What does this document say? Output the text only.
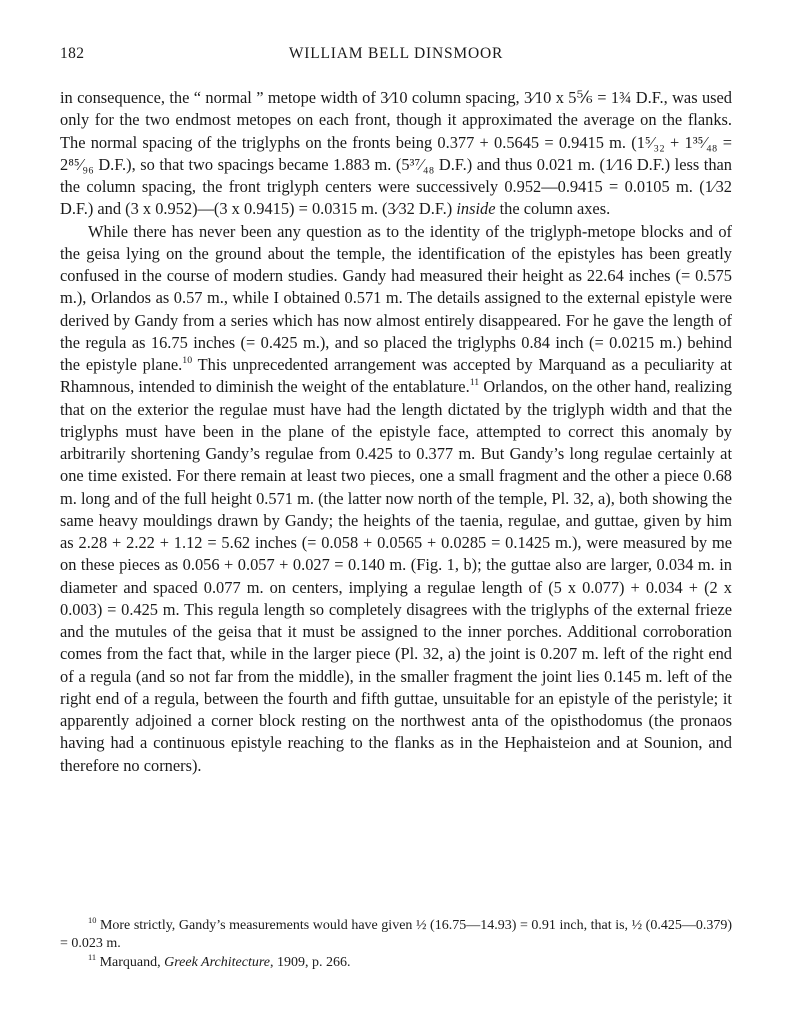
182	WILLIAM BELL DINSMOOR

in consequence, the “ normal ” metope width of 3⁄10 column spacing, 3⁄10 x 5⅚ = 1¾ D.F., was used only for the two endmost metopes on each front, though it approximated the average on the flanks. The normal spacing of the triglyphs on the fronts being 0.377 + 0.5645 = 0.9415 m. (1⁵⁄₃₂ + 1³⁵⁄₄₈ = 2⁸⁵⁄₉₆ D.F.), so that two spacings became 1.883 m. (5³⁷⁄₄₈ D.F.) and thus 0.021 m. (1⁄16 D.F.) less than the column spacing, the front triglyph centers were successively 0.952—0.9415 = 0.0105 m. (1⁄32 D.F.) and (3 x 0.952)—(3 x 0.9415) = 0.0315 m. (3⁄32 D.F.) inside the column axes.

While there has never been any question as to the identity of the triglyph-metope blocks and of the geisa lying on the ground about the temple, the identification of the epistyles has been greatly confused in the course of modern studies. Gandy had measured their height as 22.64 inches (= 0.575 m.), Orlandos as 0.57 m., while I obtained 0.571 m. The details assigned to the external epistyle were derived by Gandy from a series which has now almost entirely disappeared. For he gave the length of the regula as 16.75 inches (= 0.425 m.), and so placed the triglyphs 0.84 inch (= 0.0215 m.) behind the epistyle plane.$^{10}$ This unprecedented arrangement was accepted by Marquand as a peculiarity at Rhamnous, intended to diminish the weight of the entablature.$^{11}$ Orlandos, on the other hand, realizing that on the exterior the regulae must have had the length dictated by the triglyph width and that the triglyphs must have been in the plane of the epistyle face, attempted to correct this anomaly by arbitrarily shortening Gandy’s regulae from 0.425 to 0.377 m. But Gandy’s long regulae certainly at one time existed. For there remain at least two pieces, one a small fragment and the other a piece 0.68 m. long and of the full height 0.571 m. (the latter now north of the temple, Pl. 32, a), both showing the same heavy mouldings drawn by Gandy; the heights of the taenia, regulae, and guttae, given by him as 2.28 + 2.22 + 1.12 = 5.62 inches (= 0.058 + 0.0565 + 0.0285 = 0.1425 m.), were measured by me on these pieces as 0.056 + 0.057 + 0.027 = 0.140 m. (Fig. 1, b); the guttae also are larger, 0.034 m. in diameter and spaced 0.077 m. on centers, implying a regulae length of (5 x 0.077) + 0.034 + (2 x 0.003) = 0.425 m. This regula length so completely disagrees with the triglyphs of the external frieze and the mutules of the geisa that it must be assigned to the inner porches. Additional corroboration comes from the fact that, while in the larger piece (Pl. 32, a) the joint is 0.207 m. left of the right end of a regula (and so not far from the middle), in the smaller fragment the joint lies 0.145 m. left of the right end of a regula, between the fourth and fifth guttae, unsuitable for an epistyle of the peristyle; it apparently adjoined a corner block resting on the northwest anta of the opisthodomus (the pronaos having had a continuous epistyle reaching to the flanks as in the Hephaisteion and at Sounion, and therefore no corners).

$^{10}$ More strictly, Gandy’s measurements would have given ½ (16.75—14.93) = 0.91 inch, that is, ½ (0.425—0.379) = 0.023 m.

$^{11}$ Marquand, Greek Architecture, 1909, p. 266.
